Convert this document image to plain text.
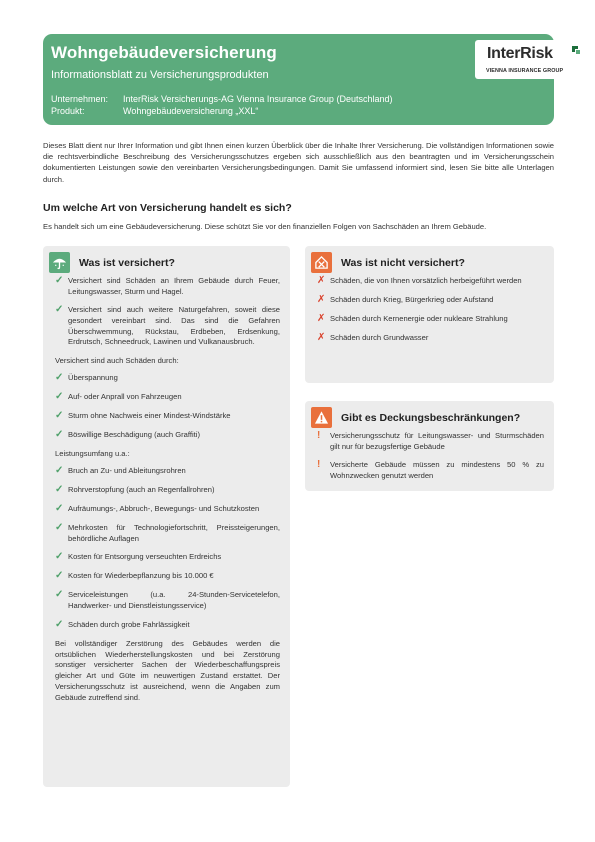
Wohngebäudeversicherung
Informationsblatt zu Versicherungsprodukten
Unternehmen:	InterRisk Versicherungs-AG Vienna Insurance Group (Deutschland)
Produkt:	Wohngebäudeversicherung „XXL“
InterRisk
VIENNA INSURANCE GROUP
Dieses Blatt dient nur Ihrer Information und gibt Ihnen einen kurzen Überblick über die Inhalte Ihrer Versicherung. Die vollständigen Informationen sowie die rechtsverbindliche Beschreibung des Versicherungsschutzes ergeben sich ausschließlich aus den beantragten und im Versicherungsschein dokumentierten Leistungen sowie den vereinbarten Versicherungsbedingungen. Damit Sie umfassend informiert sind, lesen Sie bitte alle Unterlagen durch.
Um welche Art von Versicherung handelt es sich?
Es handelt sich um eine Gebäudeversicherung. Diese schützt Sie vor den finanziellen Folgen von Sachschäden an Ihrem Gebäude.
Was ist versichert?
✓ Versichert sind Schäden an Ihrem Gebäude durch Feuer, Leitungswasser, Sturm und Hagel.
✓ Versichert sind auch weitere Naturgefahren, soweit diese gesondert vereinbart sind. Das sind die Gefahren Überschwemmung, Rückstau, Erdbeben, Erdsenkung, Erdrutsch, Schneedruck, Lawinen und Vulkanausbruch.
Versichert sind auch Schäden durch:
✓ Überspannung
✓ Auf- oder Anprall von Fahrzeugen
✓ Sturm ohne Nachweis einer Mindest-Windstärke
✓ Böswillige Beschädigung (auch Graffiti)
Leistungsumfang u.a.:
✓ Bruch an Zu- und Ableitungsrohren
✓ Rohrverstopfung (auch an Regenfallrohren)
✓ Aufräumungs-, Abbruch-, Bewegungs- und Schutzkosten
✓ Mehrkosten für Technologiefortschritt, Preissteigerungen, behördliche Auflagen
✓ Kosten für Entsorgung verseuchten Erdreichs
✓ Kosten für Wiederbepflanzung bis 10.000 €
✓ Serviceleistungen (u.a. 24-Stunden-Servicetelefon, Handwerker- und Dienstleistungsservice)
✓ Schäden durch grobe Fahrlässigkeit
Bei vollständiger Zerstörung des Gebäudes werden die ortsüblichen Wiederherstellungskosten und bei Zerstörung sonstiger versicherter Sachen der Wiederbeschaffungspreis gleicher Art und Güte im neuwertigen Zustand erstattet. Der Versicherungsschutz ist ausreichend, wenn die Angaben zum Gebäude zutreffend sind.
Was ist nicht versichert?
✗ Schäden, die von Ihnen vorsätzlich herbeigeführt werden
✗ Schäden durch Krieg, Bürgerkrieg oder Aufstand
✗ Schäden durch Kernenergie oder nukleare Strahlung
✗ Schäden durch Grundwasser
Gibt es Deckungsbeschränkungen?
!	Versicherungsschutz für Leitungswasser- und Sturmschäden gilt nur für bezugsfertige Gebäude
!	Versicherte Gebäude müssen zu mindestens 50 % zu Wohnzwecken genutzt werden
